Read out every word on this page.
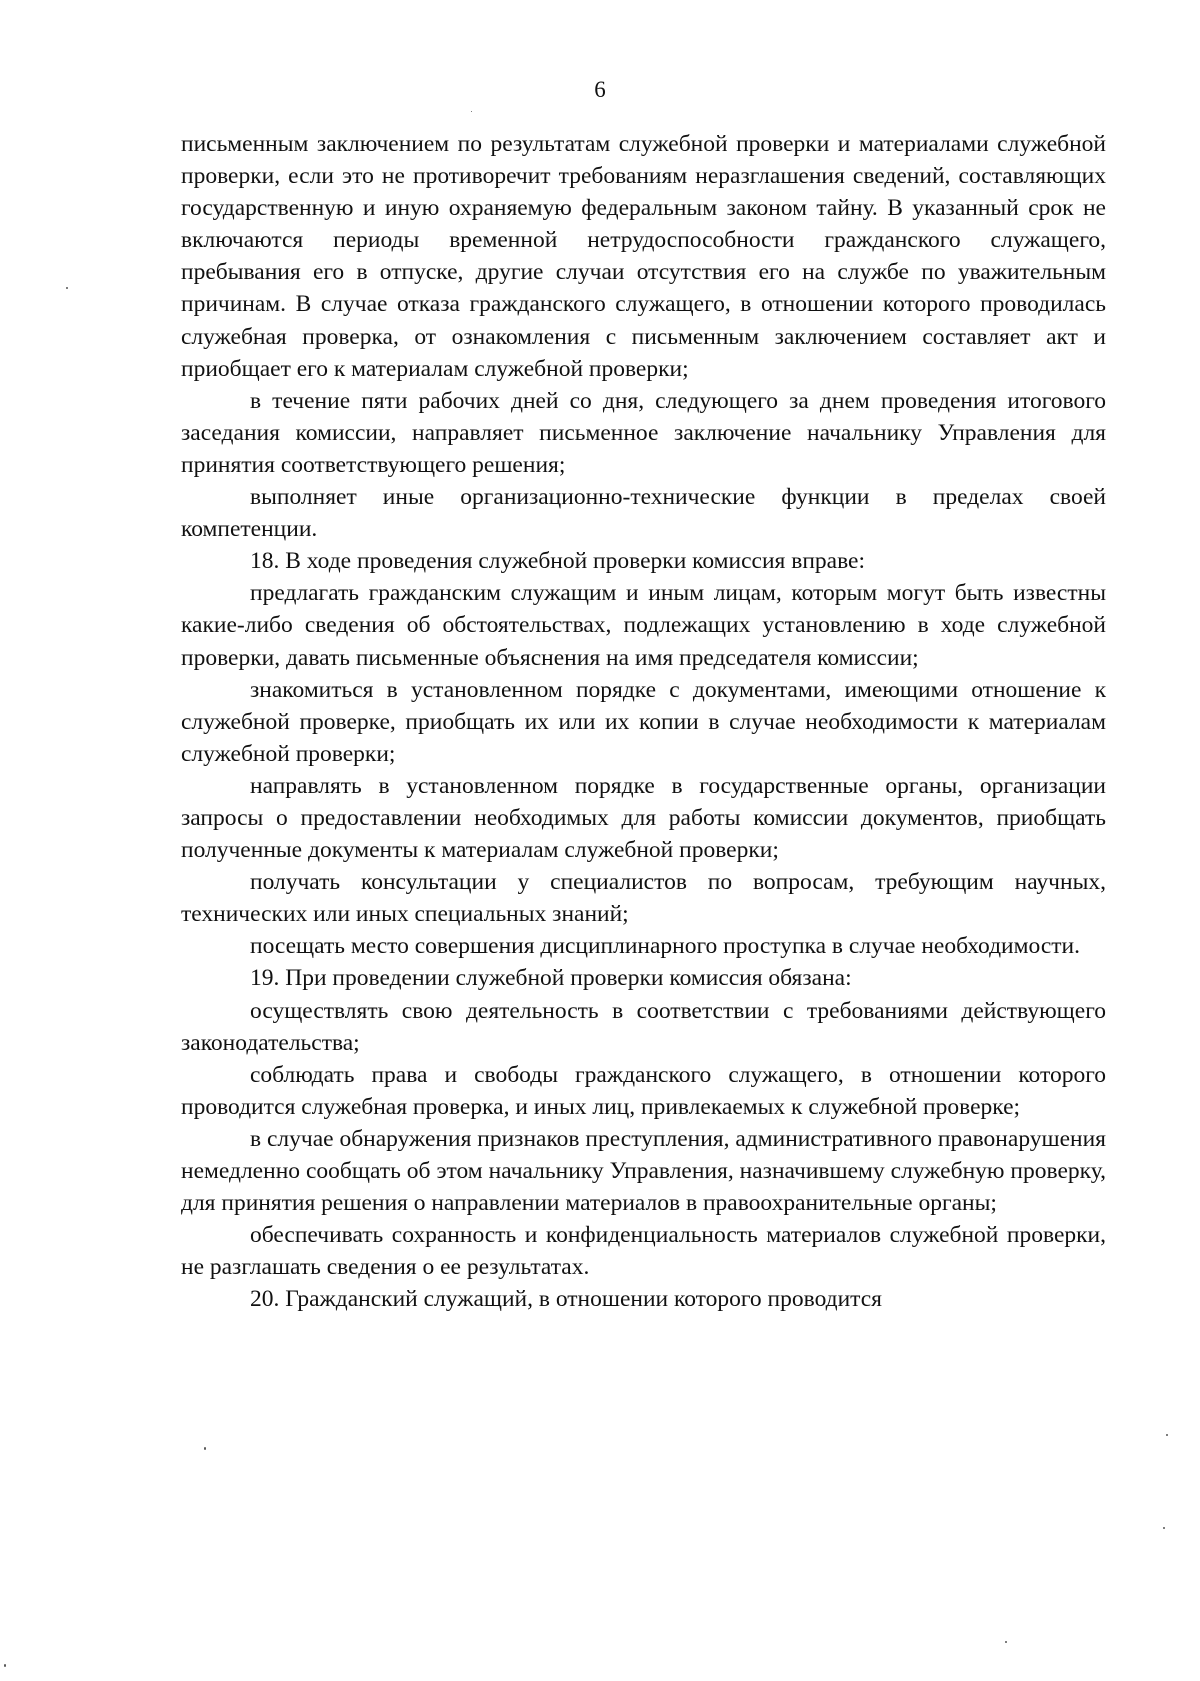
6

письменным заключением по результатам служебной проверки и материалами служебной проверки, если это не противоречит требованиям неразглашения сведений, составляющих государственную и иную охраняемую федеральным законом тайну. В указанный срок не включаются периоды временной нетрудоспособности гражданского служащего, пребывания его в отпуске, другие случаи отсутствия его на службе по уважительным причинам. В случае отказа гражданского служащего, в отношении которого проводилась служебная проверка, от ознакомления с письменным заключением составляет акт и приобщает его к материалам служебной проверки;

в течение пяти рабочих дней со дня, следующего за днем проведения итогового заседания комиссии, направляет письменное заключение начальнику Управления для принятия соответствующего решения;

выполняет иные организационно-технические функции в пределах своей компетенции.

18. В ходе проведения служебной проверки комиссия вправе:

предлагать гражданским служащим и иным лицам, которым могут быть известны какие-либо сведения об обстоятельствах, подлежащих установлению в ходе служебной проверки, давать письменные объяснения на имя председателя комиссии;

знакомиться в установленном порядке с документами, имеющими отношение к служебной проверке, приобщать их или их копии в случае необходимости к материалам служебной проверки;

направлять в установленном порядке в государственные органы, организации запросы о предоставлении необходимых для работы комиссии документов, приобщать полученные документы к материалам служебной проверки;

получать консультации у специалистов по вопросам, требующим научных, технических или иных специальных знаний;

посещать место совершения дисциплинарного проступка в случае необходимости.

19. При проведении служебной проверки комиссия обязана:

осуществлять свою деятельность в соответствии с требованиями действующего законодательства;

соблюдать права и свободы гражданского служащего, в отношении которого проводится служебная проверка, и иных лиц, привлекаемых к служебной проверке;

в случае обнаружения признаков преступления, административного правонарушения немедленно сообщать об этом начальнику Управления, назначившему служебную проверку, для принятия решения о направлении материалов в правоохранительные органы;

обеспечивать сохранность и конфиденциальность материалов служебной проверки, не разглашать сведения о ее результатах.

20. Гражданский служащий, в отношении которого проводится
